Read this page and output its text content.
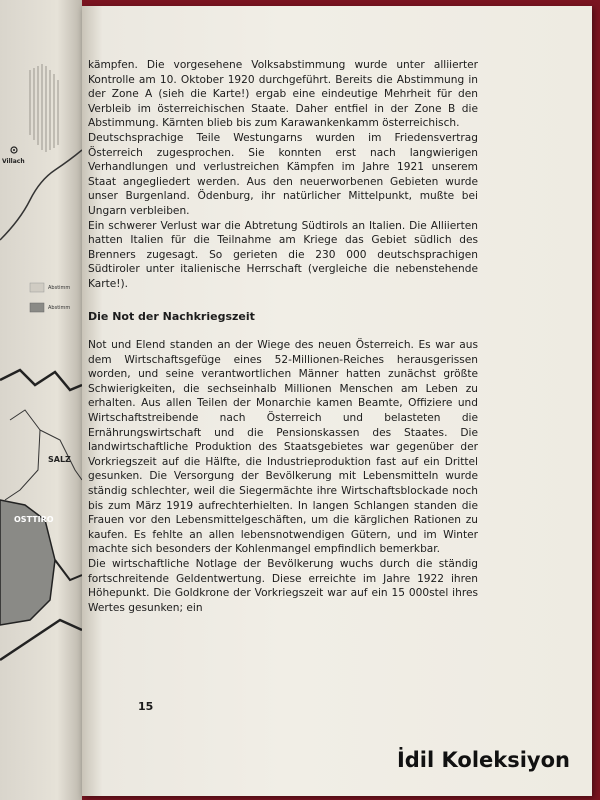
Villach
Abstimm
Abstimm
SALZ
OSTTIRO
15

kämpfen. Die vorgesehene Volksabstimmung wurde unter alliierter Kontrolle am 10. Oktober 1920 durchgeführt. Bereits die Abstimmung in der Zone A (sieh die Karte!) ergab eine eindeutige Mehrheit für den Verbleib im österreichischen Staate. Daher entfiel in der Zone B die Abstimmung. Kärnten blieb bis zum Karawankenkamm österreichisch.

Deutschsprachige Teile Westungarns wurden im Friedensvertrag Österreich zugesprochen. Sie konnten erst nach langwierigen Verhandlungen und verlustreichen Kämpfen im Jahre 1921 unserem Staat angegliedert werden. Aus den neuerworbenen Gebieten wurde unser Burgenland. Ödenburg, ihr natürlicher Mittelpunkt, mußte bei Ungarn verbleiben.

Ein schwerer Verlust war die Abtretung Südtirols an Italien. Die Alliierten hatten Italien für die Teilnahme am Kriege das Gebiet südlich des Brenners zugesagt. So gerieten die 230 000 deutschsprachigen Südtiroler unter italienische Herrschaft (vergleiche die nebenstehende Karte!).

Die Not der Nachkriegszeit

Not und Elend standen an der Wiege des neuen Österreich. Es war aus dem Wirtschaftsgefüge eines 52-Millionen-Reiches herausgerissen worden, und seine verantwortlichen Männer hatten zunächst größte Schwierigkeiten, die sechseinhalb Millionen Menschen am Leben zu erhalten. Aus allen Teilen der Monarchie kamen Beamte, Offiziere und Wirtschaftstreibende nach Österreich und belasteten die Ernährungswirtschaft und die Pensionskassen des Staates. Die landwirtschaftliche Produktion des Staatsgebietes war gegenüber der Vorkriegszeit auf die Hälfte, die Industrieproduktion fast auf ein Drittel gesunken. Die Versorgung der Bevölkerung mit Lebensmitteln wurde ständig schlechter, weil die Siegermächte ihre Wirtschaftsblockade noch bis zum März 1919 aufrechterhielten. In langen Schlangen standen die Frauen vor den Lebensmittelgeschäften, um die kärglichen Rationen zu kaufen. Es fehlte an allen lebensnotwendigen Gütern, und im Winter machte sich besonders der Kohlenmangel empfindlich bemerkbar.

Die wirtschaftliche Notlage der Bevölkerung wuchs durch die ständig fortschreitende Geldentwertung. Diese erreichte im Jahre 1922 ihren Höhepunkt. Die Goldkrone der Vorkriegszeit war auf ein 15 000stel ihres Wertes gesunken; ein

İdil Koleksiyon
